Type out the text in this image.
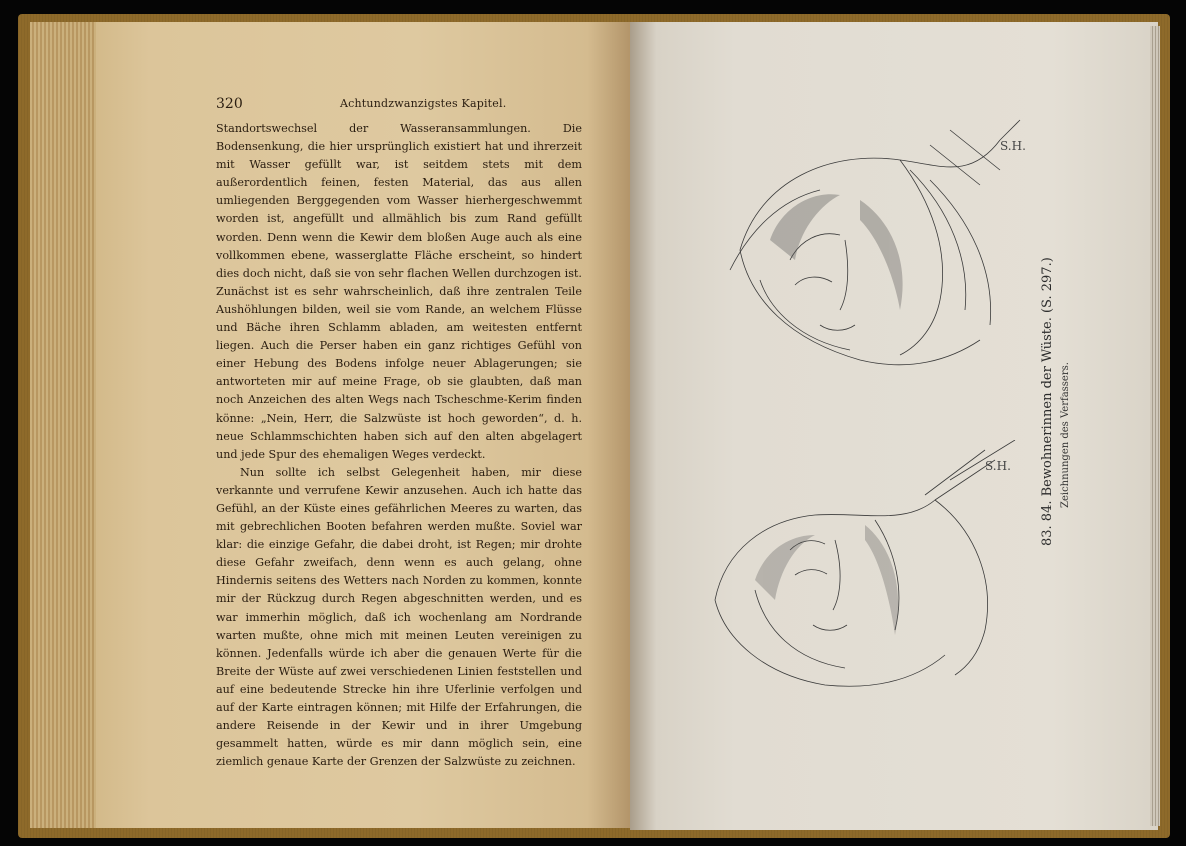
320	Achtundzwanzigstes Kapitel.

Standortswechsel der Wasseransammlungen. Die Bodensenkung, die hier ursprünglich existiert hat und ihrerzeit mit Wasser gefüllt war, ist seitdem stets mit dem außerordentlich feinen, festen Material, das aus allen umliegenden Berggegenden vom Wasser hierhergeschwemmt worden ist, angefüllt und allmählich bis zum Rand gefüllt worden. Denn wenn die Kewir dem bloßen Auge auch als eine vollkommen ebene, wasserglatte Fläche erscheint, so hindert dies doch nicht, daß sie von sehr flachen Wellen durchzogen ist. Zunächst ist es sehr wahrscheinlich, daß ihre zentralen Teile Aushöhlungen bilden, weil sie vom Rande, an welchem Flüsse und Bäche ihren Schlamm abladen, am weitesten entfernt liegen. Auch die Perser haben ein ganz richtiges Gefühl von einer Hebung des Bodens infolge neuer Ablagerungen; sie antworteten mir auf meine Frage, ob sie glaubten, daß man noch Anzeichen des alten Wegs nach Tscheschme-Kerim finden könne: „Nein, Herr, die Salzwüste ist hoch geworden“, d. h. neue Schlammschichten haben sich auf den alten abgelagert und jede Spur des ehemaligen Weges verdeckt.

Nun sollte ich selbst Gelegenheit haben, mir diese verkannte und verrufene Kewir anzusehen. Auch ich hatte das Gefühl, an der Küste eines gefährlichen Meeres zu warten, das mit gebrechlichen Booten befahren werden mußte. Soviel war klar: die einzige Gefahr, die dabei droht, ist Regen; mir drohte diese Gefahr zweifach, denn wenn es auch gelang, ohne Hindernis seitens des Wetters nach Norden zu kommen, konnte mir der Rückzug durch Regen abgeschnitten werden, und es war immerhin möglich, daß ich wochenlang am Nordrande warten mußte, ohne mich mit meinen Leuten vereinigen zu können. Jedenfalls würde ich aber die genauen Werte für die Breite der Wüste auf zwei verschiedenen Linien feststellen und auf eine bedeutende Strecke hin ihre Uferlinie verfolgen und auf der Karte eintragen können; mit Hilfe der Erfahrungen, die andere Reisende in der Kewir und in ihrer Umgebung gesammelt hatten, würde es mir dann möglich sein, eine ziemlich genaue Karte der Grenzen der Salzwüste zu zeichnen.

S.H.
S.H. 83. 84. Bewohnerinnen der Wüste. (S. 297.) Zeichnungen des Verfassers.
